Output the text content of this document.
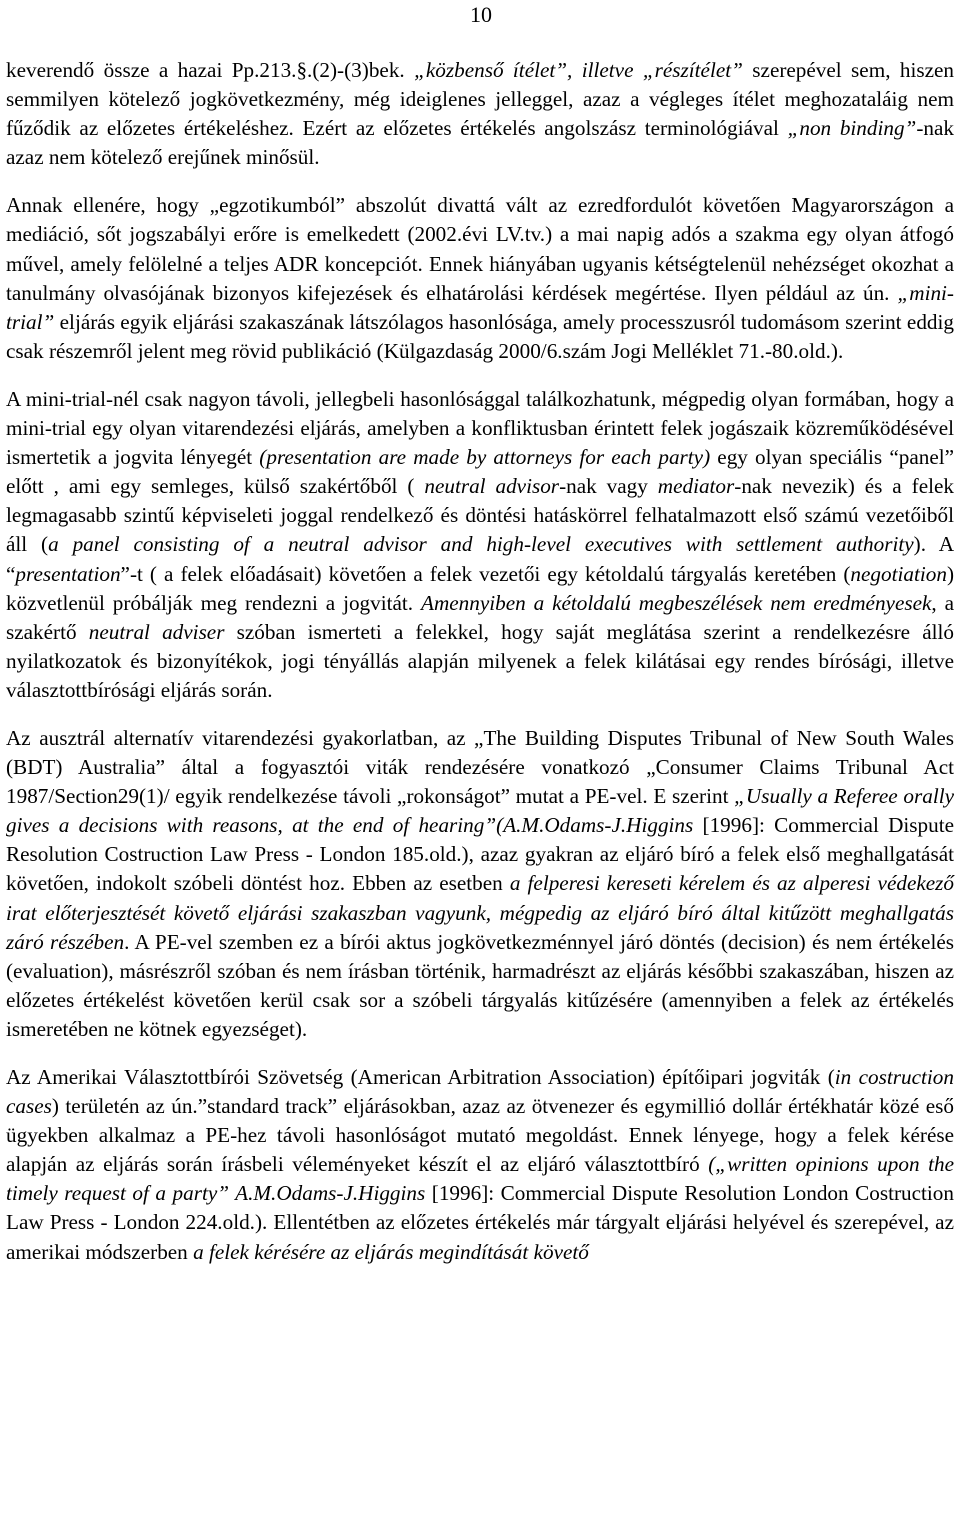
10

keverendő össze a hazai Pp.213.§.(2)-(3)bek. „közbenső ítélet”, illetve „részítélet” szerepével sem, hiszen semmilyen kötelező jogkövetkezmény, még ideiglenes jelleggel, azaz a végleges ítélet meghozataláig nem fűződik az előzetes értékeléshez. Ezért az előzetes értékelés angolszász terminológiával „non binding”-nak azaz nem kötelező erejűnek minősül.

Annak ellenére, hogy „egzotikumból” abszolút divattá vált az ezredfordulót követően Magyarországon a mediáció, sőt jogszabályi erőre is emelkedett (2002.évi LV.tv.) a mai napig adós a szakma egy olyan átfogó művel, amely felölelné a teljes ADR koncepciót. Ennek hiányában ugyanis kétségtelenül nehézséget okozhat a tanulmány olvasójának bizonyos kifejezések és elhatárolási kérdések megértése. Ilyen például az ún. „mini-trial” eljárás egyik eljárási szakaszának látszólagos hasonlósága, amely processzusról tudomásom szerint eddig csak részemről jelent meg rövid publikáció (Külgazdaság 2000/6.szám Jogi Melléklet 71.-80.old.).

A mini-trial-nél csak nagyon távoli, jellegbeli hasonlósággal találkozhatunk, mégpedig olyan formában, hogy a mini-trial egy olyan vitarendezési eljárás, amelyben a konfliktusban érintett felek jogászaik közreműködésével ismertetik a jogvita lényegét (presentation are made by attorneys for each party) egy olyan speciális “panel” előtt , ami egy semleges, külső szakértőből ( neutral advisor-nak vagy mediator-nak nevezik) és a felek legmagasabb szintű képviseleti joggal rendelkező és döntési hatáskörrel felhatalmazott első számú vezetőiből áll (a panel consisting of a neutral advisor and high-level executives with settlement authority). A “presentation”-t ( a felek előadásait) követően a felek vezetői egy kétoldalú tárgyalás keretében (negotiation) közvetlenül próbálják meg rendezni a jogvitát. Amennyiben a kétoldalú megbeszélések nem eredményesek, a szakértő neutral adviser szóban ismerteti a felekkel, hogy saját meglátása szerint a rendelkezésre álló nyilatkozatok és bizonyítékok, jogi tényállás alapján milyenek a felek kilátásai egy rendes bírósági, illetve választottbírósági eljárás során.

Az ausztrál alternatív vitarendezési gyakorlatban, az „The Building Disputes Tribunal of New South Wales (BDT) Australia” által a fogyasztói viták rendezésére vonatkozó „Consumer Claims Tribunal Act 1987/Section29(1)/ egyik rendelkezése távoli „rokonságot” mutat a PE-vel. E szerint „Usually a Referee orally gives a decisions with reasons, at the end of hearing”(A.M.Odams-J.Higgins [1996]: Commercial Dispute Resolution Costruction Law Press - London 185.old.), azaz gyakran az eljáró bíró a felek első meghallgatását követően, indokolt szóbeli döntést hoz. Ebben az esetben a felperesi kereseti kérelem és az alperesi védekező irat előterjesztését követő eljárási szakaszban vagyunk, mégpedig az eljáró bíró által kitűzött meghallgatás záró részében. A PE-vel szemben ez a bírói aktus jogkövetkezménnyel járó döntés (decision) és nem értékelés (evaluation), másrészről szóban és nem írásban történik, harmadrészt az eljárás későbbi szakaszában, hiszen az előzetes értékelést követően kerül csak sor a szóbeli tárgyalás kitűzésére (amennyiben a felek az értékelés ismeretében ne kötnek egyezséget).

Az Amerikai Választottbírói Szövetség (American Arbitration Association) építőipari jogviták (in costruction cases) területén az ún.”standard track” eljárásokban, azaz az ötvenezer és egymillió dollár értékhatár közé eső ügyekben alkalmaz a PE-hez távoli hasonlóságot mutató megoldást. Ennek lényege, hogy a felek kérése alapján az eljárás során írásbeli véleményeket készít el az eljáró választottbíró („written opinions upon the timely request of a party” A.M.Odams-J.Higgins [1996]: Commercial Dispute Resolution London Costruction Law Press - London 224.old.). Ellentétben az előzetes értékelés már tárgyalt eljárási helyével és szerepével, az amerikai módszerben a felek kérésére az eljárás megindítását követő
